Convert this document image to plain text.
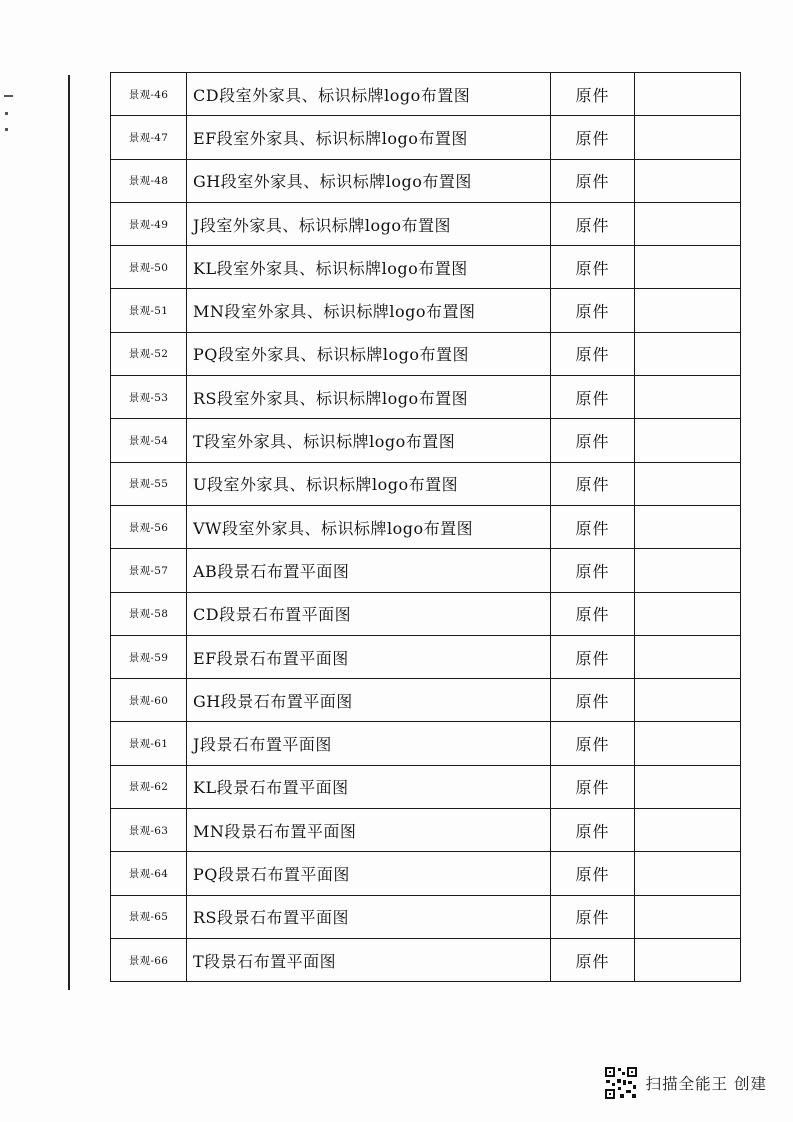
景观-46	CD段室外家具、标识标牌logo布置图	原件	
景观-47	EF段室外家具、标识标牌logo布置图	原件	
景观-48	GH段室外家具、标识标牌logo布置图	原件	
景观-49	J段室外家具、标识标牌logo布置图	原件	
景观-50	KL段室外家具、标识标牌logo布置图	原件	
景观-51	MN段室外家具、标识标牌logo布置图	原件	
景观-52	PQ段室外家具、标识标牌logo布置图	原件	
景观-53	RS段室外家具、标识标牌logo布置图	原件	
景观-54	T段室外家具、标识标牌logo布置图	原件	
景观-55	U段室外家具、标识标牌logo布置图	原件	
景观-56	VW段室外家具、标识标牌logo布置图	原件	
景观-57	AB段景石布置平面图	原件	
景观-58	CD段景石布置平面图	原件	
景观-59	EF段景石布置平面图	原件	
景观-60	GH段景石布置平面图	原件	
景观-61	J段景石布置平面图	原件	
景观-62	KL段景石布置平面图	原件	
景观-63	MN段景石布置平面图	原件	
景观-64	PQ段景石布置平面图	原件	
景观-65	RS段景石布置平面图	原件	
景观-66	T段景石布置平面图	原件	
扫描全能王 创建
